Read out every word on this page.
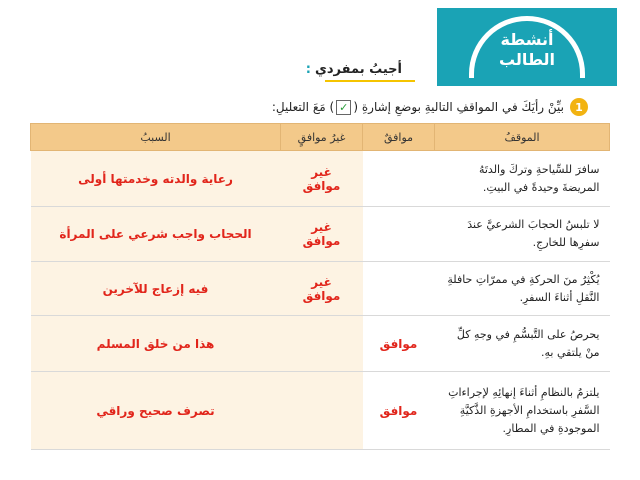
أنشطة
الطالب
أجيبُ بمفردي
:
1
بيِّنْ رأيَكَ في المواقفِ التاليةِ بوضعِ إشارةِ (✓) مَعَ التعليلِ:
الموقفُ	موافقٌ	غيرُ موافقٍ	السببُ
سافرَ للسِّياحةِ وتركَ والدتَهُ المريضةَ وحيدةً في البيتِ.		غير موافق	رعاية والدته وخدمتها أولى
لا تلبسُ الحجابَ الشرعيَّ عندَ سفرِها للخارجِ.		غير موافق	الحجاب واجب شرعي على المرأة
يُكْثِرُ منَ الحركةِ في ممرّاتِ حافلةِ النَّقلِ أثناءَ السفرِ.		غير موافق	فيه إزعاج للآخرين
يحرصُ على التَّبسُّمِ في وجهِ كلِّ منْ يلتقي بهِ.	موافق		هذا من خلق المسلم
يلتزمُ بالنظامِ أثناءَ إنهائِهِ لإجراءاتِ السَّفرِ باستخدامِ الأجهزةِ الذَّكيَّةِ الموجودةِ في المطارِ.	موافق		تصرف صحيح وراقي
